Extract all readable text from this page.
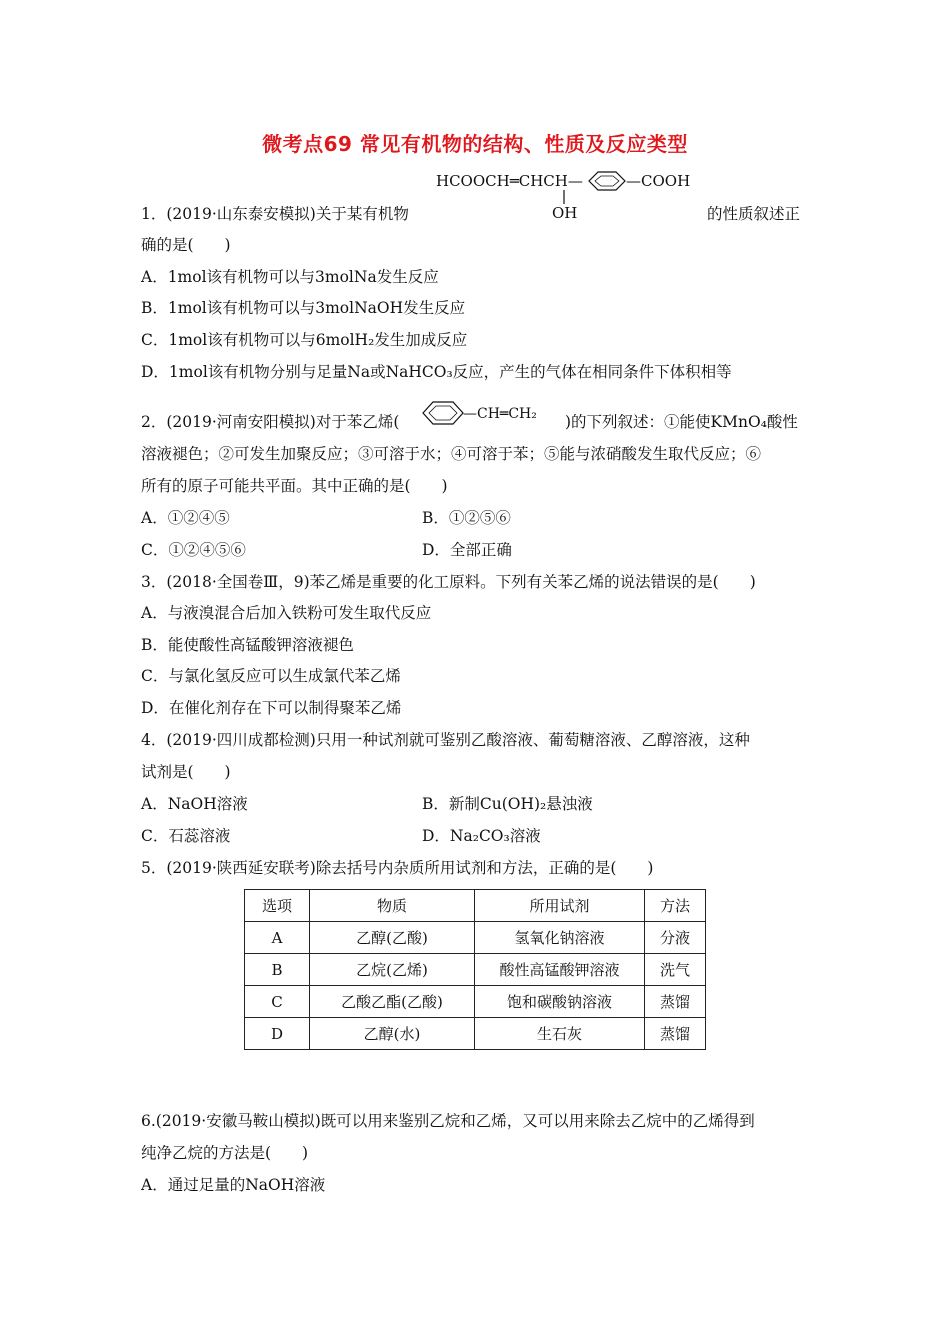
微考点69 常见有机物的结构、性质及反应类型
HCOOCH═CHCH—	—COOH
OH
1．(2019·山东泰安模拟)关于某有机物	的性质叙述正
确的是(　　)
A．1mol该有机物可以与3molNa发生反应
B．1mol该有机物可以与3molNaOH发生反应
C．1mol该有机物可以与6molH₂发生加成反应
D．1mol该有机物分别与足量Na或NaHCO₃反应，产生的气体在相同条件下体积相等
2．(2019·河南安阳模拟)对于苯乙烯(	—CH═CH₂ )的下列叙述：①能使KMnO₄酸性
溶液褪色；②可发生加聚反应；③可溶于水；④可溶于苯；⑤能与浓硝酸发生取代反应；⑥
所有的原子可能共平面。其中正确的是(　　)
A．①②④⑤	B．①②⑤⑥
C．①②④⑤⑥	D．全部正确
3．(2018·全国卷Ⅲ，9)苯乙烯是重要的化工原料。下列有关苯乙烯的说法错误的是(　　)
A．与液溴混合后加入铁粉可发生取代反应
B．能使酸性高锰酸钾溶液褪色
C．与氯化氢反应可以生成氯代苯乙烯
D．在催化剂存在下可以制得聚苯乙烯
4．(2019·四川成都检测)只用一种试剂就可鉴别乙酸溶液、葡萄糖溶液、乙醇溶液，这种
试剂是(　　)
A．NaOH溶液	B．新制Cu(OH)₂悬浊液
C．石蕊溶液	D．Na₂CO₃溶液
5．(2019·陕西延安联考)除去括号内杂质所用试剂和方法，正确的是(　　)
选项	物质	所用试剂	方法
A	乙醇(乙酸)	氢氧化钠溶液	分液
B	乙烷(乙烯)	酸性高锰酸钾溶液	洗气
C	乙酸乙酯(乙酸)	饱和碳酸钠溶液	蒸馏
D	乙醇(水)	生石灰	蒸馏
6.(2019·安徽马鞍山模拟)既可以用来鉴别乙烷和乙烯，又可以用来除去乙烷中的乙烯得到
纯净乙烷的方法是(　　)
A．通过足量的NaOH溶液
